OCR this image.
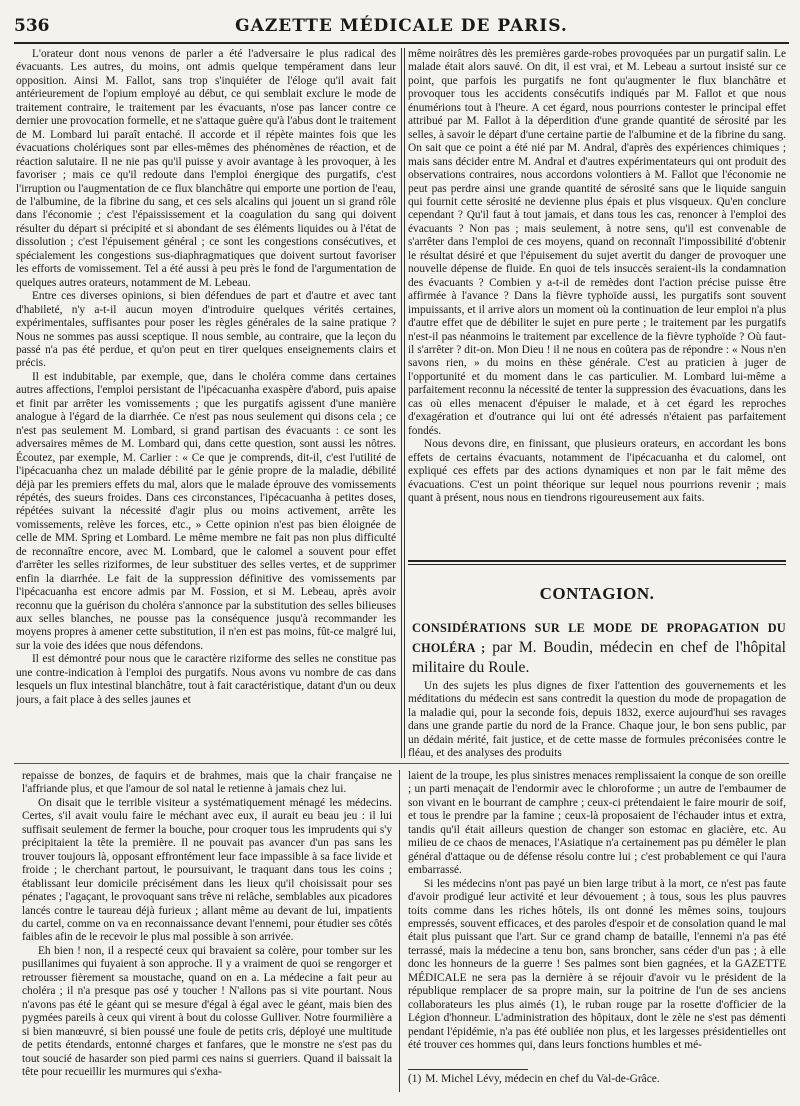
536	GAZETTE MÉDICALE DE PARIS.

L'orateur dont nous venons de parler a été l'adversaire le plus radical des évacuants. Les autres, du moins, ont admis quelque tempérament dans leur opposition. Ainsi M. Fallot, sans trop s'inquiéter de l'éloge qu'il avait fait antérieurement de l'opium employé au début, ce qui semblait exclure le mode de traitement contraire, le traitement par les évacuants, n'ose pas lancer contre ce dernier une provocation formelle, et ne s'attaque guère qu'à l'abus dont le traitement de M. Lombard lui paraît entaché. Il accorde et il répète maintes fois que les évacuations cholériques sont par elles-mêmes des phénomènes de réaction, et de réaction salutaire. Il ne nie pas qu'il puisse y avoir avantage à les provoquer, à les favoriser ; mais ce qu'il redoute dans l'emploi énergique des purgatifs, c'est l'irruption ou l'augmentation de ce flux blanchâtre qui emporte une portion de l'eau, de l'albumine, de la fibrine du sang, et ces sels alcalins qui jouent un si grand rôle dans l'économie ; c'est l'épaississement et la coagulation du sang qui doivent résulter du départ si précipité et si abondant de ses éléments liquides ou à l'état de dissolution ; c'est l'épuisement général ; ce sont les congestions consécutives, et spécialement les congestions sus-diaphragmatiques que doivent surtout favoriser les efforts de vomissement. Tel a été aussi à peu près le fond de l'argumentation de quelques autres orateurs, notamment de M. Lebeau.

Entre ces diverses opinions, si bien défendues de part et d'autre et avec tant d'habileté, n'y a-t-il aucun moyen d'introduire quelques vérités certaines, expérimentales, suffisantes pour poser les règles générales de la saine pratique ? Nous ne sommes pas aussi sceptique. Il nous semble, au contraire, que la leçon du passé n'a pas été perdue, et qu'on peut en tirer quelques enseignements clairs et précis.

Il est indubitable, par exemple, que, dans le choléra comme dans certaines autres affections, l'emploi persistant de l'ipécacuanha exaspère d'abord, puis apaise et finit par arrêter les vomissements ; que les purgatifs agissent d'une manière analogue à l'égard de la diarrhée. Ce n'est pas nous seulement qui disons cela ; ce n'est pas seulement M. Lombard, si grand partisan des évacuants : ce sont les adversaires mêmes de M. Lombard qui, dans cette question, sont aussi les nôtres. Écoutez, par exemple, M. Carlier : « Ce que je comprends, dit-il, c'est l'utilité de l'ipécacuanha chez un malade débilité par le génie propre de la maladie, débilité déjà par les premiers effets du mal, alors que le malade éprouve des vomissements répétés, des sueurs froides. Dans ces circonstances, l'ipécacuanha à petites doses, répétées suivant la nécessité d'agir plus ou moins activement, arrête les vomissements, relève les forces, etc., » Cette opinion n'est pas bien éloignée de celle de MM. Spring et Lombard. Le même membre ne fait pas non plus difficulté de reconnaître encore, avec M. Lombard, que le calomel a souvent pour effet d'arrêter les selles riziformes, de leur substituer des selles vertes, et de supprimer enfin la diarrhée. Le fait de la suppression définitive des vomissements par l'ipécacuanha est encore admis par M. Fossion, et si M. Lebeau, après avoir reconnu que la guérison du choléra s'annonce par la substitution des selles bilieuses aux selles blanches, ne pousse pas la conséquence jusqu'à recommander les moyens propres à amener cette substitution, il n'en est pas moins, fût-ce malgré lui, sur la voie des idées que nous défendons.

Il est démontré pour nous que le caractère riziforme des selles ne constitue pas une contre-indication à l'emploi des purgatifs. Nous avons vu nombre de cas dans lesquels un flux intestinal blanchâtre, tout à fait caractéristique, datant d'un ou deux jours, a fait place à des selles jaunes et

même noirâtres dès les premières garde-robes provoquées par un purgatif salin. Le malade était alors sauvé. On dit, il est vrai, et M. Lebeau a surtout insisté sur ce point, que parfois les purgatifs ne font qu'augmenter le flux blanchâtre et provoquer tous les accidents consécutifs indiqués par M. Fallot et que nous énumérions tout à l'heure. A cet égard, nous pourrions contester le principal effet attribué par M. Fallot à la déperdition d'une grande quantité de sérosité par les selles, à savoir le départ d'une certaine partie de l'albumine et de la fibrine du sang. On sait que ce point a été nié par M. Andral, d'après des expériences chimiques ; mais sans décider entre M. Andral et d'autres expérimentateurs qui ont produit des observations contraires, nous accordons volontiers à M. Fallot que l'économie ne peut pas perdre ainsi une grande quantité de sérosité sans que le liquide sanguin qui fournit cette sérosité ne devienne plus épais et plus visqueux. Qu'en conclure cependant ? Qu'il faut à tout jamais, et dans tous les cas, renoncer à l'emploi des évacuants ? Non pas ; mais seulement, à notre sens, qu'il est convenable de s'arrêter dans l'emploi de ces moyens, quand on reconnaît l'impossibilité d'obtenir le résultat désiré et que l'épuisement du sujet avertit du danger de provoquer une nouvelle dépense de fluide. En quoi de tels insuccès seraient-ils la condamnation des évacuants ? Combien y a-t-il de remèdes dont l'action précise puisse être affirmée à l'avance ? Dans la fièvre typhoïde aussi, les purgatifs sont souvent impuissants, et il arrive alors un moment où la continuation de leur emploi n'a plus d'autre effet que de débiliter le sujet en pure perte ; le traitement par les purgatifs n'est-il pas néanmoins le traitement par excellence de la fièvre typhoïde ? Où faut-il s'arrêter ? dit-on. Mon Dieu ! il ne nous en coûtera pas de répondre : « Nous n'en savons rien, » du moins en thèse générale. C'est au praticien à juger de l'opportunité et du moment dans le cas particulier. M. Lombard lui-même a parfaitement reconnu la nécessité de tenter la suppression des évacuations, dans les cas où elles menacent d'épuiser le malade, et à cet égard les reproches d'exagération et d'outrance qui lui ont été adressés n'étaient pas parfaitement fondés.

Nous devons dire, en finissant, que plusieurs orateurs, en accordant les bons effets de certains évacuants, notamment de l'ipécacuanha et du calomel, ont expliqué ces effets par des actions dynamiques et non par le fait même des évacuations. C'est un point théorique sur lequel nous pourrions revenir ; mais quant à présent, nous nous en tiendrons rigoureusement aux faits.

CONTAGION.
CONSIDÉRATIONS SUR LE MODE DE PROPAGATION DU CHOLÉRA ; par M. Boudin, médecin en chef de l'hôpital militaire du Roule.

Un des sujets les plus dignes de fixer l'attention des gouvernements et les méditations du médecin est sans contredit la question du mode de propagation de la maladie qui, pour la seconde fois, depuis 1832, exerce aujourd'hui ses ravages dans une grande partie du nord de la France. Chaque jour, le bon sens public, par un dédain mérité, fait justice, et de cette masse de formules préconisées contre le fléau, et des analyses des produits

repaisse de bonzes, de faquirs et de brahmes, mais que la chair française ne l'affriande plus, et que l'amour de sol natal le retienne à jamais chez lui.

On disait que le terrible visiteur a systématiquement ménagé les médecins. Certes, s'il avait voulu faire le méchant avec eux, il aurait eu beau jeu : il lui suffisait seulement de fermer la bouche, pour croquer tous les imprudents qui s'y précipitaient la tête la première. Il ne pouvait pas avancer d'un pas sans les trouver toujours là, opposant effrontément leur face impassible à sa face livide et froide ; le cherchant partout, le poursuivant, le traquant dans tous les coins ; établissant leur domicile précisément dans les lieux qu'il choisissait pour ses pénates ; l'agaçant, le provoquant sans trêve ni relâche, semblables aux picadores lancés contre le taureau déjà furieux ; allant même au devant de lui, impatients du cartel, comme on va en reconnaissance devant l'ennemi, pour étudier ses côtés faibles afin de le recevoir le plus mal possible à son arrivée.

Eh bien ! non, il a respecté ceux qui bravaient sa colère, pour tomber sur les pusillanimes qui fuyaient à son approche. Il y a vraiment de quoi se rengorger et retrousser fièrement sa moustache, quand on en a. La médecine a fait peur au choléra ; il n'a presque pas osé y toucher ! N'allons pas si vite pourtant. Nous n'avons pas été le géant qui se mesure d'égal à égal avec le géant, mais bien des pygmées pareils à ceux qui virent à bout du colosse Gulliver. Notre fourmilière a si bien manœuvré, si bien poussé une foule de petits cris, déployé une multitude de petits étendards, entonné charges et fanfares, que le monstre ne s'est pas du tout soucié de hasarder son pied parmi ces nains si guerriers. Quand il baissait la tête pour recueillir les murmures qui s'exha-

laient de la troupe, les plus sinistres menaces remplissaient la conque de son oreille ; un parti menaçait de l'endormir avec le chloroforme ; un autre de l'embaumer de son vivant en le bourrant de camphre ; ceux-ci prétendaient le faire mourir de soif, et tous le prendre par la famine ; ceux-là proposaient de l'échauder intus et extra, tandis qu'il était ailleurs question de changer son estomac en glacière, etc. Au milieu de ce chaos de menaces, l'Asiatique n'a certainement pas pu démêler le plan général d'attaque ou de défense résolu contre lui ; c'est probablement ce qui l'aura embarrassé.

Si les médecins n'ont pas payé un bien large tribut à la mort, ce n'est pas faute d'avoir prodigué leur activité et leur dévouement ; à tous, sous les plus pauvres toits comme dans les riches hôtels, ils ont donné les mêmes soins, toujours empressés, souvent efficaces, et des paroles d'espoir et de consolation quand le mal était plus puissant que l'art. Sur ce grand champ de bataille, l'ennemi n'a pas été terrassé, mais la médecine a tenu bon, sans broncher, sans céder d'un pas ; à elle donc les honneurs de la guerre ! Ses palmes sont bien gagnées, et la GAZETTE MÉDICALE ne sera pas la dernière à se réjouir d'avoir vu le président de la république remplacer de sa propre main, sur la poitrine de l'un de ses anciens collaborateurs les plus aimés (1), le ruban rouge par la rosette d'officier de la Légion d'honneur. L'administration des hôpitaux, dont le zèle ne s'est pas démenti pendant l'épidémie, n'a pas été oubliée non plus, et les largesses présidentielles ont été trouver ces hommes qui, dans leurs fonctions humbles et mé-

(1) M. Michel Lévy, médecin en chef du Val-de-Grâce.
